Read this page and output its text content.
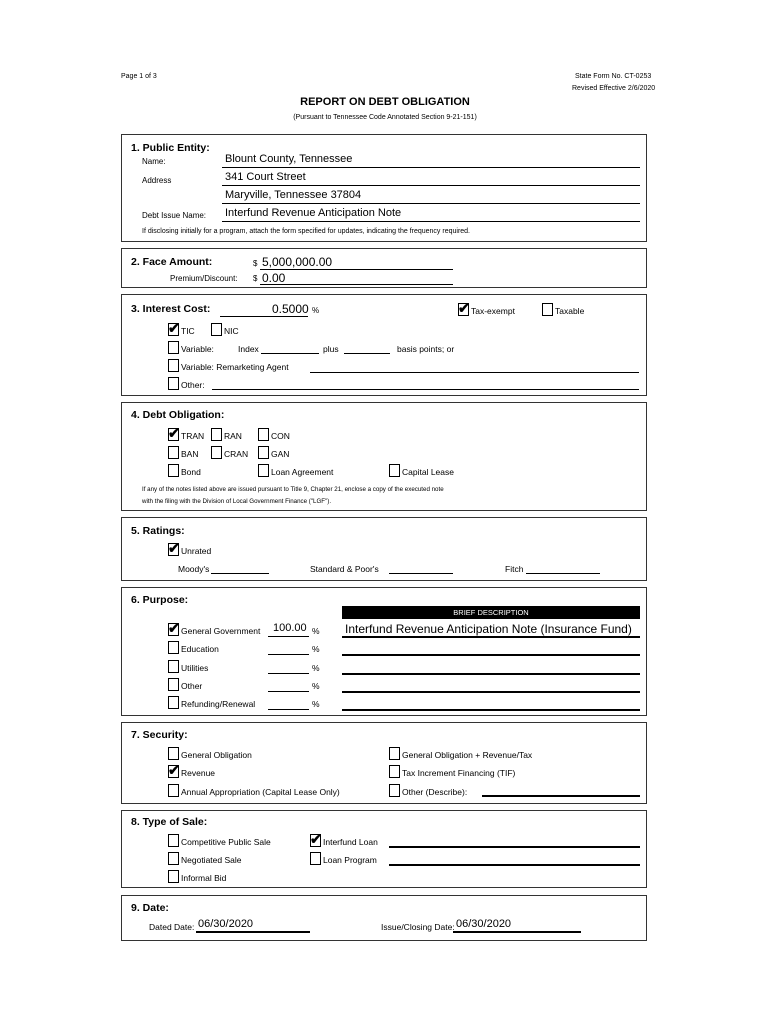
Page 1 of 3	State Form No. CT-0253
Revised Effective 2/6/2020
REPORT ON DEBT OBLIGATION
(Pursuant to Tennessee Code Annotated Section 9-21-151)
1. Public Entity:
Name:	Blount County, Tennessee
Address	341 Court Street
Maryville, Tennessee 37804
Debt Issue Name: Interfund Revenue Anticipation Note
If disclosing initially for a program, attach the form specified for updates, indicating the frequency required.
2. Face Amount:	$ 5,000,000.00
Premium/Discount: $ 0.00
3. Interest Cost:	0.5000 %	✔ Tax-exempt	Taxable
✔ TIC	NIC
Variable:	Index	plus	basis points; or
Variable: Remarketing Agent
Other:
4. Debt Obligation:
✔ TRAN RAN	CON
BAN	CRAN	GAN
Bond	Loan Agreement	Capital Lease
If any of the notes listed above are issued pursuant to Title 9, Chapter 21, enclose a copy of the executed note
with the filing with the Division of Local Government Finance ("LGF").
5. Ratings:
✔ Unrated
Moody's	Standard & Poor's	Fitch
6. Purpose:
BRIEF DESCRIPTION
✔ General Government 100.00 % Interfund Revenue Anticipation Note (Insurance Fund)
Education	%
Utilities	%
Other	%
Refunding/Renewal	%
7. Security:
General Obligation	General Obligation + Revenue/Tax
✔ Revenue	Tax Increment Financing (TIF)
Annual Appropriation (Capital Lease Only)	Other (Describe):
8. Type of Sale:
Competitive Public Sale	✔ Interfund Loan
Negotiated Sale	Loan Program
Informal Bid
9. Date:
Dated Date: 06/30/2020	Issue/Closing Date: 06/30/2020
